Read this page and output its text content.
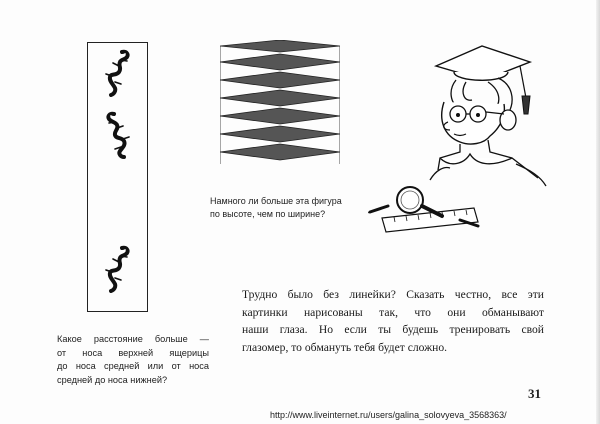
Намного ли больше эта фигура
по высоте, чем по ширине?
Какое расстояние больше —
от носа верхней ящерицы
до носа средней или от носа
средней до носа нижней?
Трудно было без линейки? Сказать честно, все эти
картинки нарисованы так, что они обманывают
наши глаза. Но если ты будешь тренировать свой
глазомер, то обмануть тебя будет сложно.
31
http://www.liveinternet.ru/users/galina_solovyeva_3568363/
